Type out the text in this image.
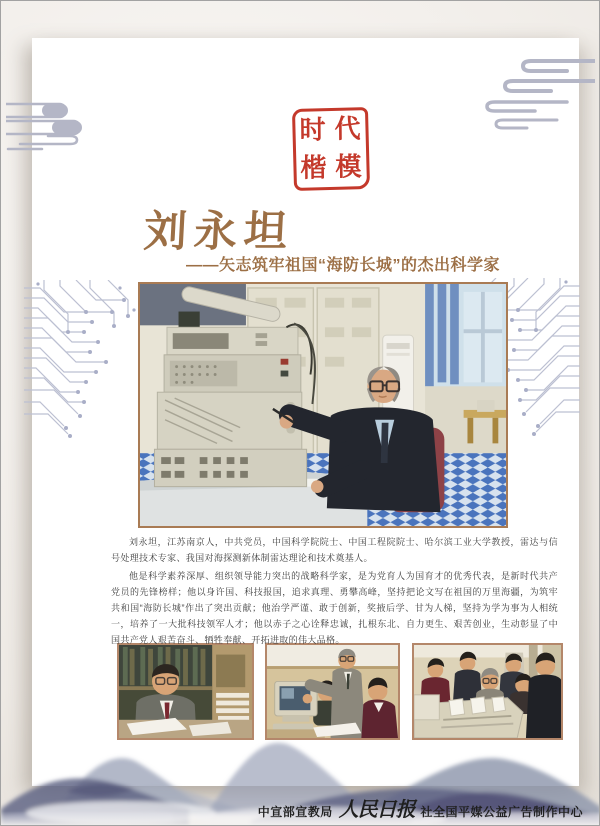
时 代
楷 模
刘永坦
——矢志筑牢祖国“海防长城”的杰出科学家

刘永坦，江苏南京人，中共党员，中国科学院院士、中国工程院院士、哈尔滨工业大学教授，雷达与信号处理技术专家、我国对海探测新体制雷达理论和技术奠基人。

他是科学素养深厚、组织领导能力突出的战略科学家，是为党育人为国育才的优秀代表，是新时代共产党员的先锋榜样；他以身许国、科技报国，追求真理、勇攀高峰，坚持把论文写在祖国的万里海疆，为筑牢共和国“海防长城”作出了突出贡献；他治学严谨、敢于创新，奖掖后学、甘为人梯，坚持为学为事为人相统一，培养了一大批科技领军人才；他以赤子之心诠释忠诚，扎根东北、自力更生、艰苦创业，生动彰显了中国共产党人艰苦奋斗、牺牲奉献、开拓进取的伟大品格。

中宣部宣教局 人民日报 社全国平媒公益广告制作中心
